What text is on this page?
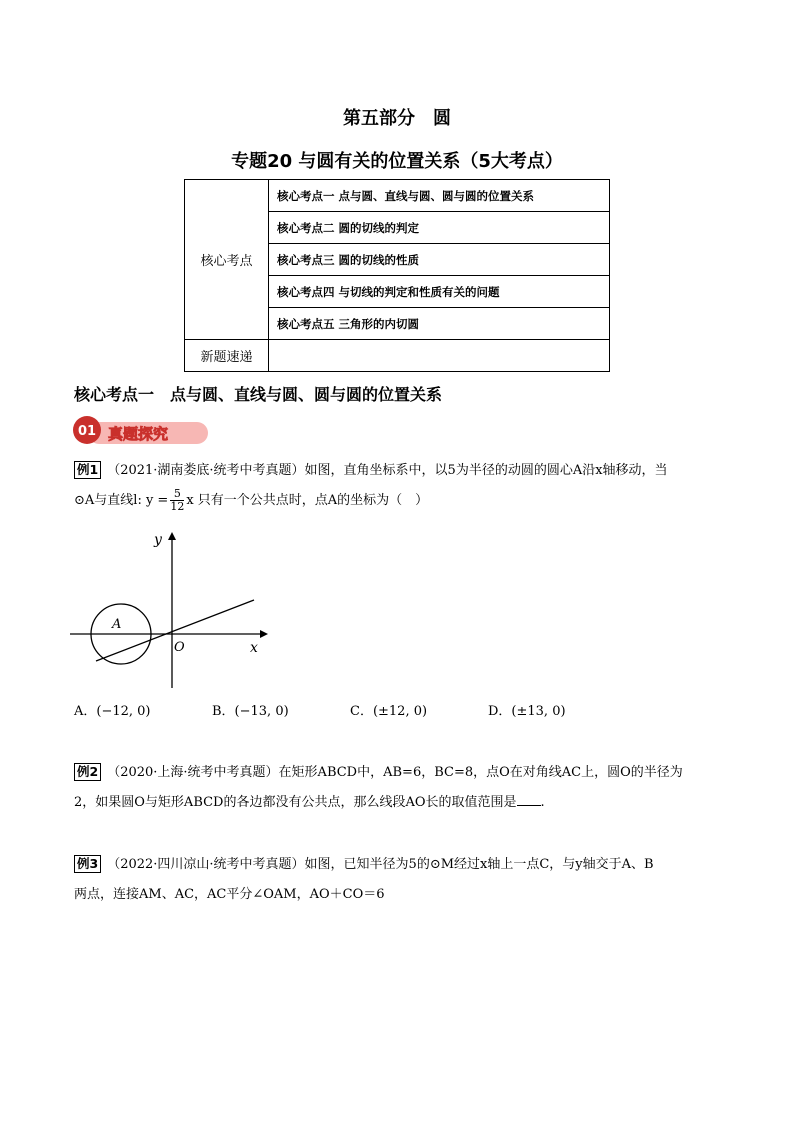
第五部分　圆
专题20 与圆有关的位置关系（5大考点）
核心考点	核心考点一 点与圆、直线与圆、圆与圆的位置关系
	核心考点二 圆的切线的判定
	核心考点三 圆的切线的性质
	核心考点四 与切线的判定和性质有关的问题
	核心考点五 三角形的内切圆
新题速递	
核心考点一　点与圆、直线与圆、圆与圆的位置关系
01 真题探究
例1 （2021·湖南娄底·统考中考真题）如图，直角坐标系中，以5为半径的动圆的圆心A沿x轴移动，当
⊙A与直线l: $y = \frac{5}{12}$ x 只有一个公共点时，点A的坐标为（　）
y
x
O
A
A．(−12, 0)	B．(−13, 0)	C．(±12, 0)	D．(±13, 0)
例2 （2020·上海·统考中考真题）在矩形ABCD中，AB=6，BC=8，点O在对角线AC上，圆O的半径为
2，如果圆O与矩形ABCD的各边都没有公共点，那么线段AO长的取值范围是 .
例3 （2022·四川凉山·统考中考真题）如图，已知半径为5的⊙M经过x轴上一点C，与y轴交于A、B
两点，连接AM、AC，AC平分∠OAM，AO＋CO＝6
